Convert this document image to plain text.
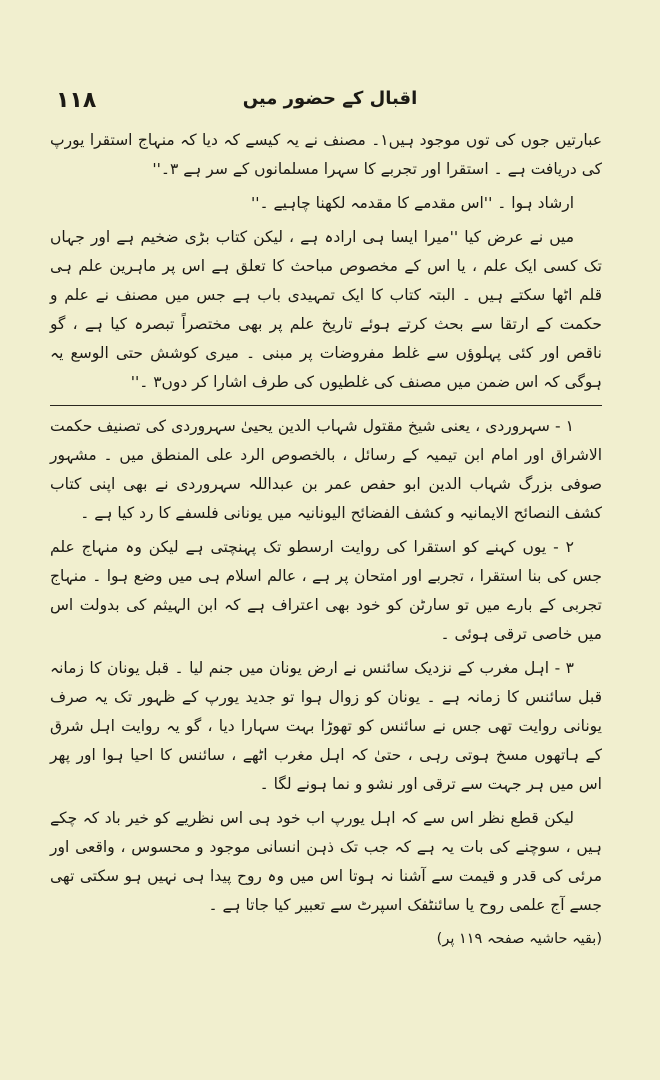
۱۱۸	اقبال کے حضور میں

عبارتیں جوں کی توں موجود ہیں۱۔ مصنف نے یہ کیسے کہ دیا کہ منہاج استقرا یورپ کی دریافت ہے ۔ استقرا اور تجربے کا سہرا مسلمانوں کے سر ہے ۳۔''

ارشاد ہوا ۔ ''اس مقدمے کا مقدمہ لکھنا چاہیے ۔''

میں نے عرض کیا ''میرا ایسا ہی ارادہ ہے ، لیکن کتاب بڑی ضخیم ہے اور جہاں تک کسی ایک علم ، یا اس کے مخصوص مباحث کا تعلق ہے اس پر ماہرین علم ہی قلم اٹھا سکتے ہیں ۔ البتہ کتاب کا ایک تمہیدی باب ہے جس میں مصنف نے علم و حکمت کے ارتقا سے بحث کرتے ہوئے تاریخ علم پر بھی مختصراً تبصرہ کیا ہے ، گو ناقص اور کئی پہلوؤں سے غلط مفروضات پر مبنی ۔ میری کوشش حتی الوسع یہ ہوگی کہ اس ضمن میں مصنف کی غلطیوں کی طرف اشارا کر دوں۳ ۔''

۱ - سہروردی ، یعنی شیخ مقتول شہاب الدین یحییٰ سہروردی کی تصنیف حکمت الاشراق اور امام ابن تیمیہ کے رسائل ، بالخصوص الرد علی المنطق میں ۔ مشہور صوفی بزرگ شہاب الدین ابو حفص عمر بن عبداللہ سہروردی نے بھی اپنی کتاب کشف النصائح الایمانیہ و کشف الفضائح الیونانیہ میں یونانی فلسفے کا رد کیا ہے ۔

۲ - یوں کہنے کو استقرا کی روایت ارسطو تک پہنچتی ہے لیکن وہ منہاج علم جس کی بنا استقرا ، تجربے اور امتحان پر ہے ، عالم اسلام ہی میں وضع ہوا ۔ منہاج تجربی کے بارے میں تو سارٹن کو خود بھی اعتراف ہے کہ ابن الہیثم کی بدولت اس میں خاصی ترقی ہوئی ۔

۳ - اہل مغرب کے نزدیک سائنس نے ارض یونان میں جنم لیا ۔ قبل یونان کا زمانہ قبل سائنس کا زمانہ ہے ۔ یونان کو زوال ہوا تو جدید یورپ کے ظہور تک یہ صرف یونانی روایت تھی جس نے سائنس کو تھوڑا بہت سہارا دیا ، گو یہ روایت اہل شرق کے ہاتھوں مسخ ہوتی رہی ، حتیٰ کہ اہل مغرب اٹھے ، سائنس کا احیا ہوا اور پھر اس میں ہر جہت سے ترقی اور نشو و نما ہونے لگا ۔

لیکن قطع نظر اس سے کہ اہل یورپ اب خود ہی اس نظریے کو خیر باد کہ چکے ہیں ، سوچنے کی بات یہ ہے کہ جب تک ذہن انسانی موجود و محسوس ، واقعی اور مرئی کی قدر و قیمت سے آشنا نہ ہوتا اس میں وہ روح پیدا ہی نہیں ہو سکتی تھی جسے آج علمی روح یا سائنٹفک اسپرٹ سے تعبیر کیا جاتا ہے ۔

(بقیہ حاشیہ صفحہ ۱۱۹ پر)
